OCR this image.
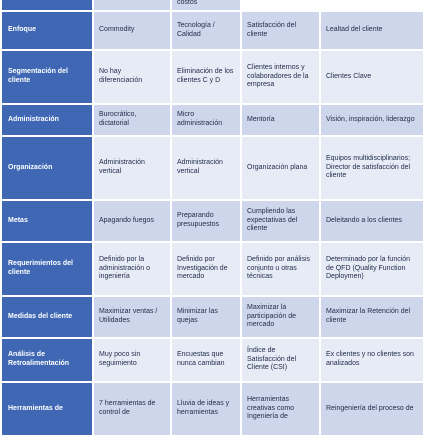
		costos		
Enfoque	Commodity	Tecnología / Calidad	Satisfacción del cliente	Lealtad del cliente
Segmentación del cliente	No hay diferenciación	Eliminación de los clientes C y D	Clientes internos y colaboradores de la empresa	Clientes Clave
Administración	Burocrático, dictatorial	Micro administración	Mentoría	Visión, inspiración, liderazgo
Organización	Administración vertical	Administración vertical	Organización plana	Equipos multidisciplinarios; Director de satisfacción del cliente
Metas	Apagando fuegos	Preparando presupuestos	Cumpliendo las expectativas del cliente	Deleitando a los clientes
Requerimientos del cliente	Definido por la administración o ingeniería	Definido por Investigación de mercado	Definido por análisis conjunto u otras técnicas	Determinado por la función de QFD (Quality Function Deploymen)
Medidas del cliente	Maximizar ventas / Utilidades	Minimizar las quejas	Maximizar la participación de mercado	Maximizar la Retención del cliente
Análisis de Retroalimentación	Muy poco sin seguimiento	Encuestas que nunca cambian	Índice de Satisfacción del Cliente (CSI)	Ex clientes y no clientes son analizados
Herramientas de	7 herramientas de control de	Lluvia de ideas y herramientas	Herramientas creativas como Ingeniería de	Reingeniería del proceso de
